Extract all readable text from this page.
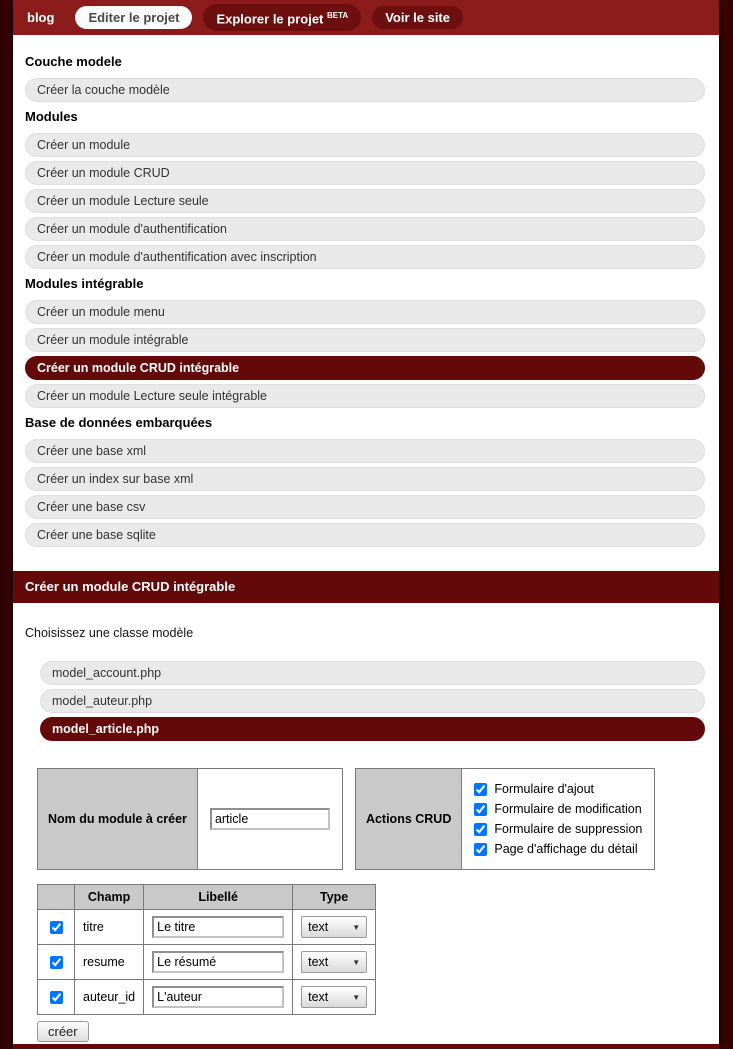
blog	Editer le projet	Explorer le projet $^{BETA}$	Voir le site
Couche modele
Créer la couche modèle
Modules
Créer un module
Créer un module CRUD
Créer un module Lecture seule
Créer un module d'authentification
Créer un module d'authentification avec inscription
Modules intégrable
Créer un module menu
Créer un module intégrable
Créer un module CRUD intégrable
Créer un module Lecture seule intégrable
Base de données embarquées
Créer une base xml
Créer un index sur base xml
Créer une base csv
Créer une base sqlite
Créer un module CRUD intégrable
Choisissez une classe modèle
model_account.php
model_auteur.php
model_article.php
Nom du module à créer	article	Actions CRUD	
Formulaire d'ajout
Formulaire de modification
Formulaire de suppression
Page d'affichage du détail
	Champ	Libellé	Type
	titre	Le titre	text ▼

	resume	Le résumé	text ▼

	auteur_id	L'auteur	text ▼
créer
